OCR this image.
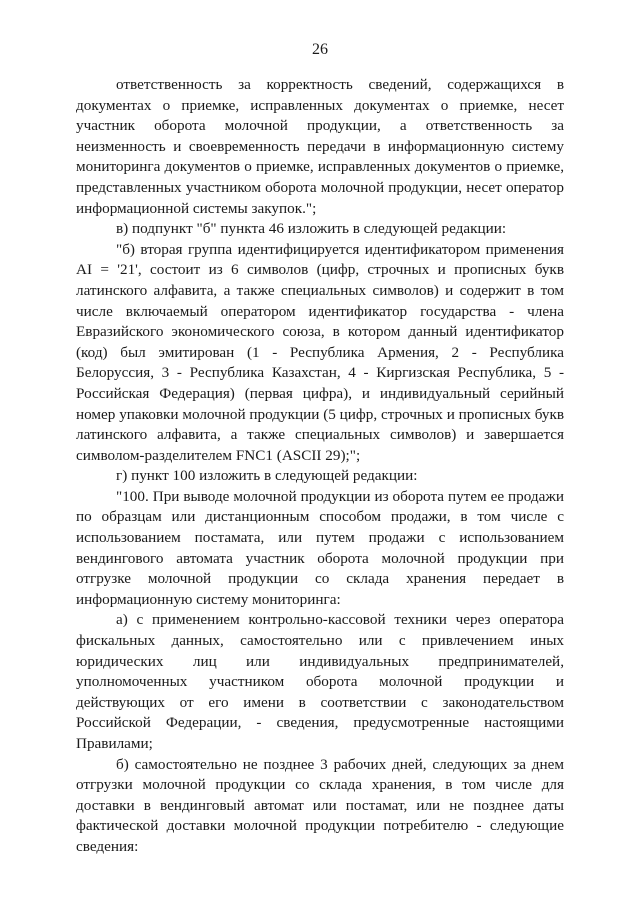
26

ответственность за корректность сведений, содержащихся в документах о приемке, исправленных документах о приемке, несет участник оборота молочной продукции, а ответственность за неизменность и своевременность передачи в информационную систему мониторинга документов о приемке, исправленных документов о приемке, представленных участником оборота молочной продукции, несет оператор информационной системы закупок.";

в) подпункт "б" пункта 46 изложить в следующей редакции:

"б) вторая группа идентифицируется идентификатором применения AI = '21', состоит из 6 символов (цифр, строчных и прописных букв латинского алфавита, а также специальных символов) и содержит в том числе включаемый оператором идентификатор государства - члена Евразийского экономического союза, в котором данный идентификатор (код) был эмитирован (1 - Республика Армения, 2 - Республика Белоруссия, 3 - Республика Казахстан, 4 - Киргизская Республика, 5 - Российская Федерация) (первая цифра), и индивидуальный серийный номер упаковки молочной продукции (5 цифр, строчных и прописных букв латинского алфавита, а также специальных символов) и завершается символом-разделителем FNC1 (ASCII 29);";

г) пункт 100 изложить в следующей редакции:

"100. При выводе молочной продукции из оборота путем ее продажи по образцам или дистанционным способом продажи, в том числе с использованием постамата, или путем продажи с использованием вендингового автомата участник оборота молочной продукции при отгрузке молочной продукции со склада хранения передает в информационную систему мониторинга:

а) с применением контрольно-кассовой техники через оператора фискальных данных, самостоятельно или с привлечением иных юридических лиц или индивидуальных предпринимателей, уполномоченных участником оборота молочной продукции и действующих от его имени в соответствии с законодательством Российской Федерации, - сведения, предусмотренные настоящими Правилами;

б) самостоятельно не позднее 3 рабочих дней, следующих за днем отгрузки молочной продукции со склада хранения, в том числе для доставки в вендинговый автомат или постамат, или не позднее даты фактической доставки молочной продукции потребителю - следующие сведения:
